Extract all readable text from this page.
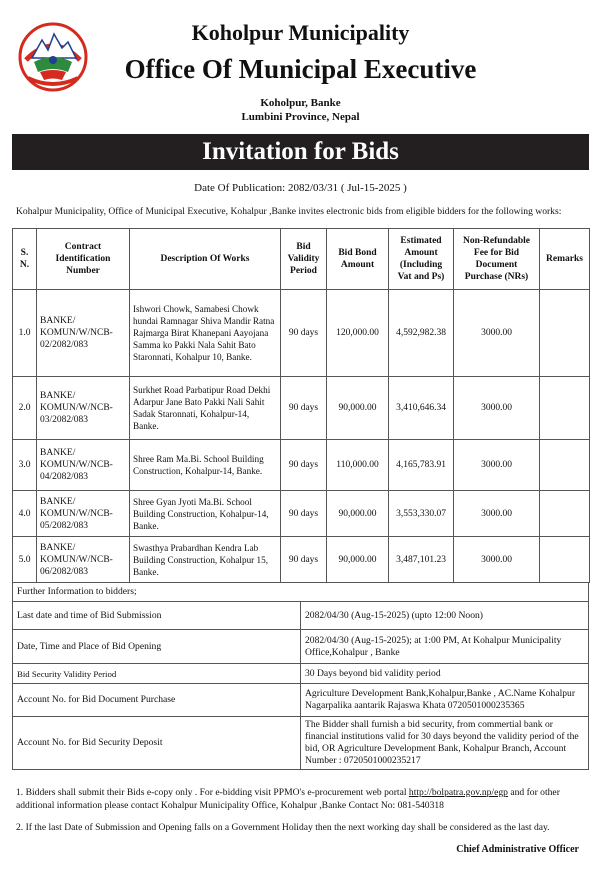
Koholpur Municipality
Office Of Municipal Executive
Koholpur, Banke
Lumbini Province, Nepal
Invitation for Bids
Date Of Publication: 2082/03/31 ( Jul-15-2025 )
Kohalpur Municipality, Office of Municipal Executive, Kohalpur ,Banke invites electronic bids from eligible bidders for the following works:
S. N.	Contract Identification Number	Description Of Works	Bid Validity Period	Bid Bond Amount	Estimated Amount (Including Vat and Ps)	Non-Refundable Fee for Bid Document Purchase (NRs)	Remarks
1.0	BANKE/ KOMUN/W/NCB- 02/2082/083	Ishwori Chowk, Samabesi Chowk hundai Ramnagar Shiva Mandir Ratna Rajmarga Birat Khanepani Aayojana Samma ko Pakki Nala Sahit Bato Staronnati, Kohalpur 10, Banke.	90 days	120,000.00	4,592,982.38	3000.00	
2.0	BANKE/ KOMUN/W/NCB- 03/2082/083	Surkhet Road Parbatipur Road Dekhi Adarpur Jane Bato Pakki Nali Sahit Sadak Staronnati, Kohalpur-14, Banke.	90 days	90,000.00	3,410,646.34	3000.00	
3.0	BANKE/ KOMUN/W/NCB- 04/2082/083	Shree Ram Ma.Bi. School Building Construction, Kohalpur-14, Banke.	90 days	110,000.00	4,165,783.91	3000.00	
4.0	BANKE/ KOMUN/W/NCB- 05/2082/083	Shree Gyan Jyoti Ma.Bi. School Building Construction, Kohalpur-14, Banke.	90 days	90,000.00	3,553,330.07	3000.00	
5.0	BANKE/ KOMUN/W/NCB- 06/2082/083	Swasthya Prabardhan Kendra Lab Building Construction, Kohalpur 15, Banke.	90 days	90,000.00	3,487,101.23	3000.00	
Further Information to bidders;	
Last date and time of Bid Submission	2082/04/30 (Aug-15-2025) (upto 12:00 Noon)
Date, Time and Place of Bid Opening	2082/04/30 (Aug-15-2025); at 1:00 PM, At Kohalpur Municipality Office,Kohalpur , Banke
Bid Security Validity Period	30 Days beyond bid validity period
Account No. for Bid Document Purchase	Agriculture Development Bank,Kohalpur,Banke , AC.Name Kohalpur Nagarpalika aantarik Rajaswa Khata 0720501000235365
Account No. for Bid Security Deposit	The Bidder shall furnish a bid security, from commertial bank or financial institutions valid for 30 days beyond the validity period of the bid, OR Agriculture Development Bank, Kohalpur Branch, Account Number : 0720501000235217
1. Bidders shall submit their Bids e-copy only . For e-bidding visit PPMO's e-procurement web portal http://bolpatra.gov.np/egp and for other additional information please contact Kohalpur Municipality Office, Kohalpur ,Banke Contact No: 081-540318
2. If the last Date of Submission and Opening falls on a Government Holiday then the next working day shall be considered as the last day.
Chief Administrative Officer
